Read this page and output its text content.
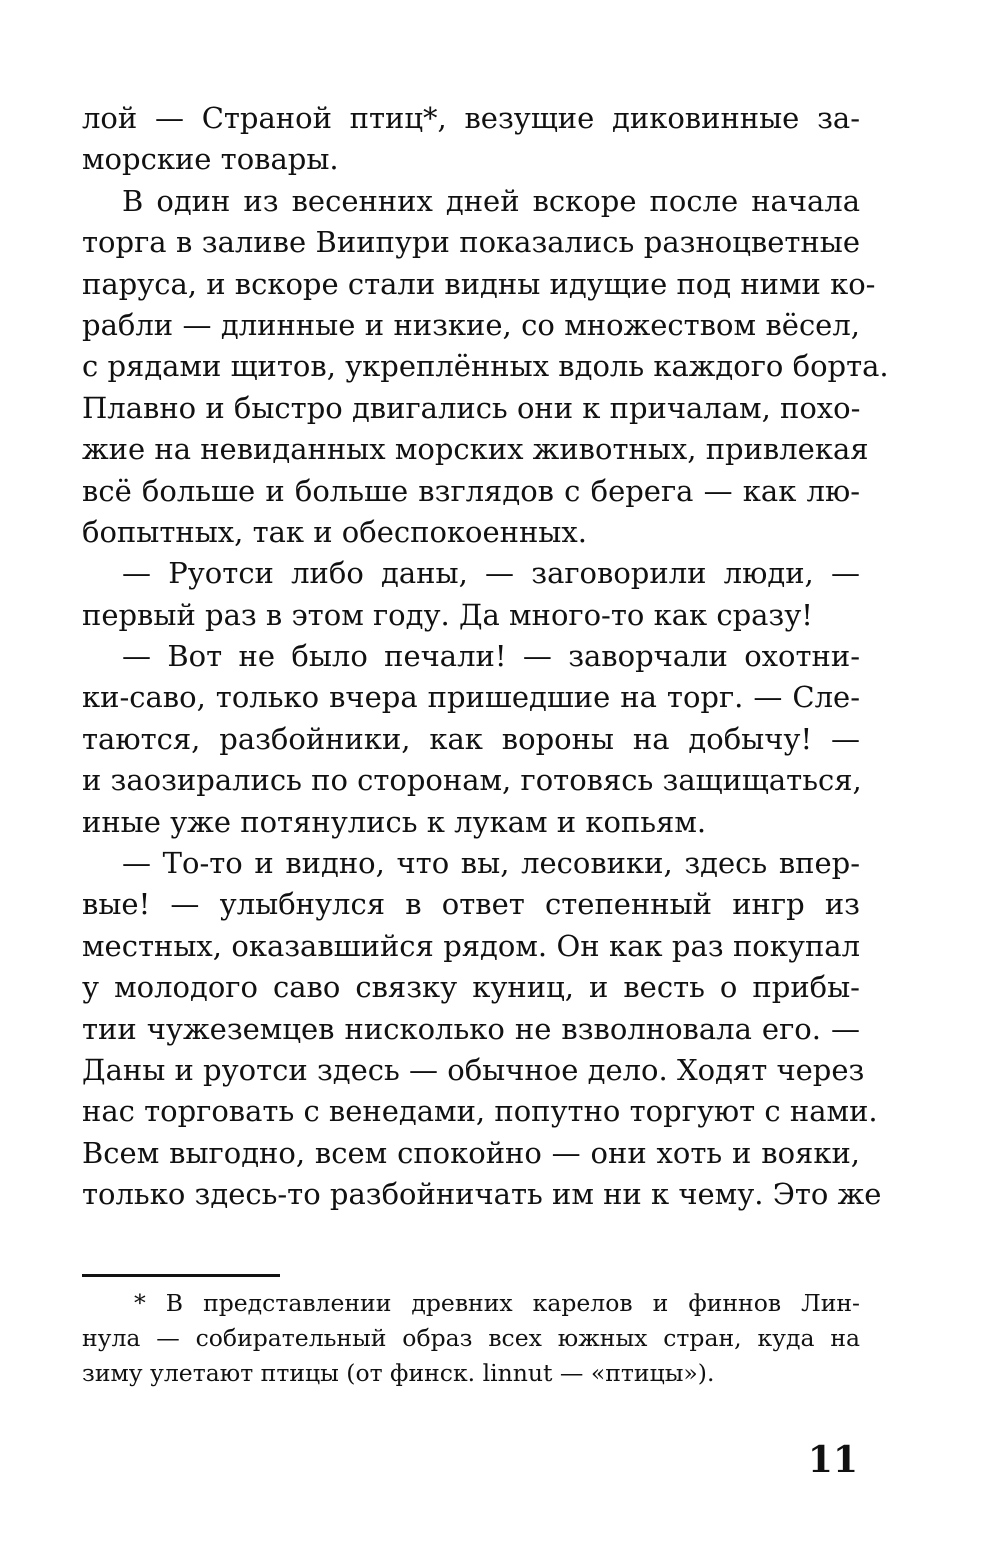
лой — Страной птиц*, везущие диковинные за-
морские товары.
В один из весенних дней вскоре после начала
торга в заливе Виипури показались разноцветные
паруса, и вскоре стали видны идущие под ними ко-
рабли — длинные и низкие, со множеством вёсел,
с рядами щитов, укреплённых вдоль каждого борта.
Плавно и быстро двигались они к причалам, похо-
жие на невиданных морских животных, привлекая
всё больше и больше взглядов с берега — как лю-
бопытных, так и обеспокоенных.
— Руотси либо даны, — заговорили люди, —
первый раз в этом году. Да много-то как сразу!
— Вот не было печали! — заворчали охотни-
ки-саво, только вчера пришедшие на торг. — Сле-
таются, разбойники, как вороны на добычу! —
и заозирались по сторонам, готовясь защищаться,
иные уже потянулись к лукам и копьям.
— То-то и видно, что вы, лесовики, здесь впер-
вые! — улыбнулся в ответ степенный ингр из
местных, оказавшийся рядом. Он как раз покупал
у молодого саво связку куниц, и весть о прибы-
тии чужеземцев нисколько не взволновала его. —
Даны и руотси здесь — обычное дело. Ходят через
нас торговать с венедами, попутно торгуют с нами.
Всем выгодно, всем спокойно — они хоть и вояки,
только здесь-то разбойничать им ни к чему. Это же
* В представлении древних карелов и финнов Лин-
нула — собирательный образ всех южных стран, куда на
зиму улетают птицы (от финск. linnut — «птицы»).
11
